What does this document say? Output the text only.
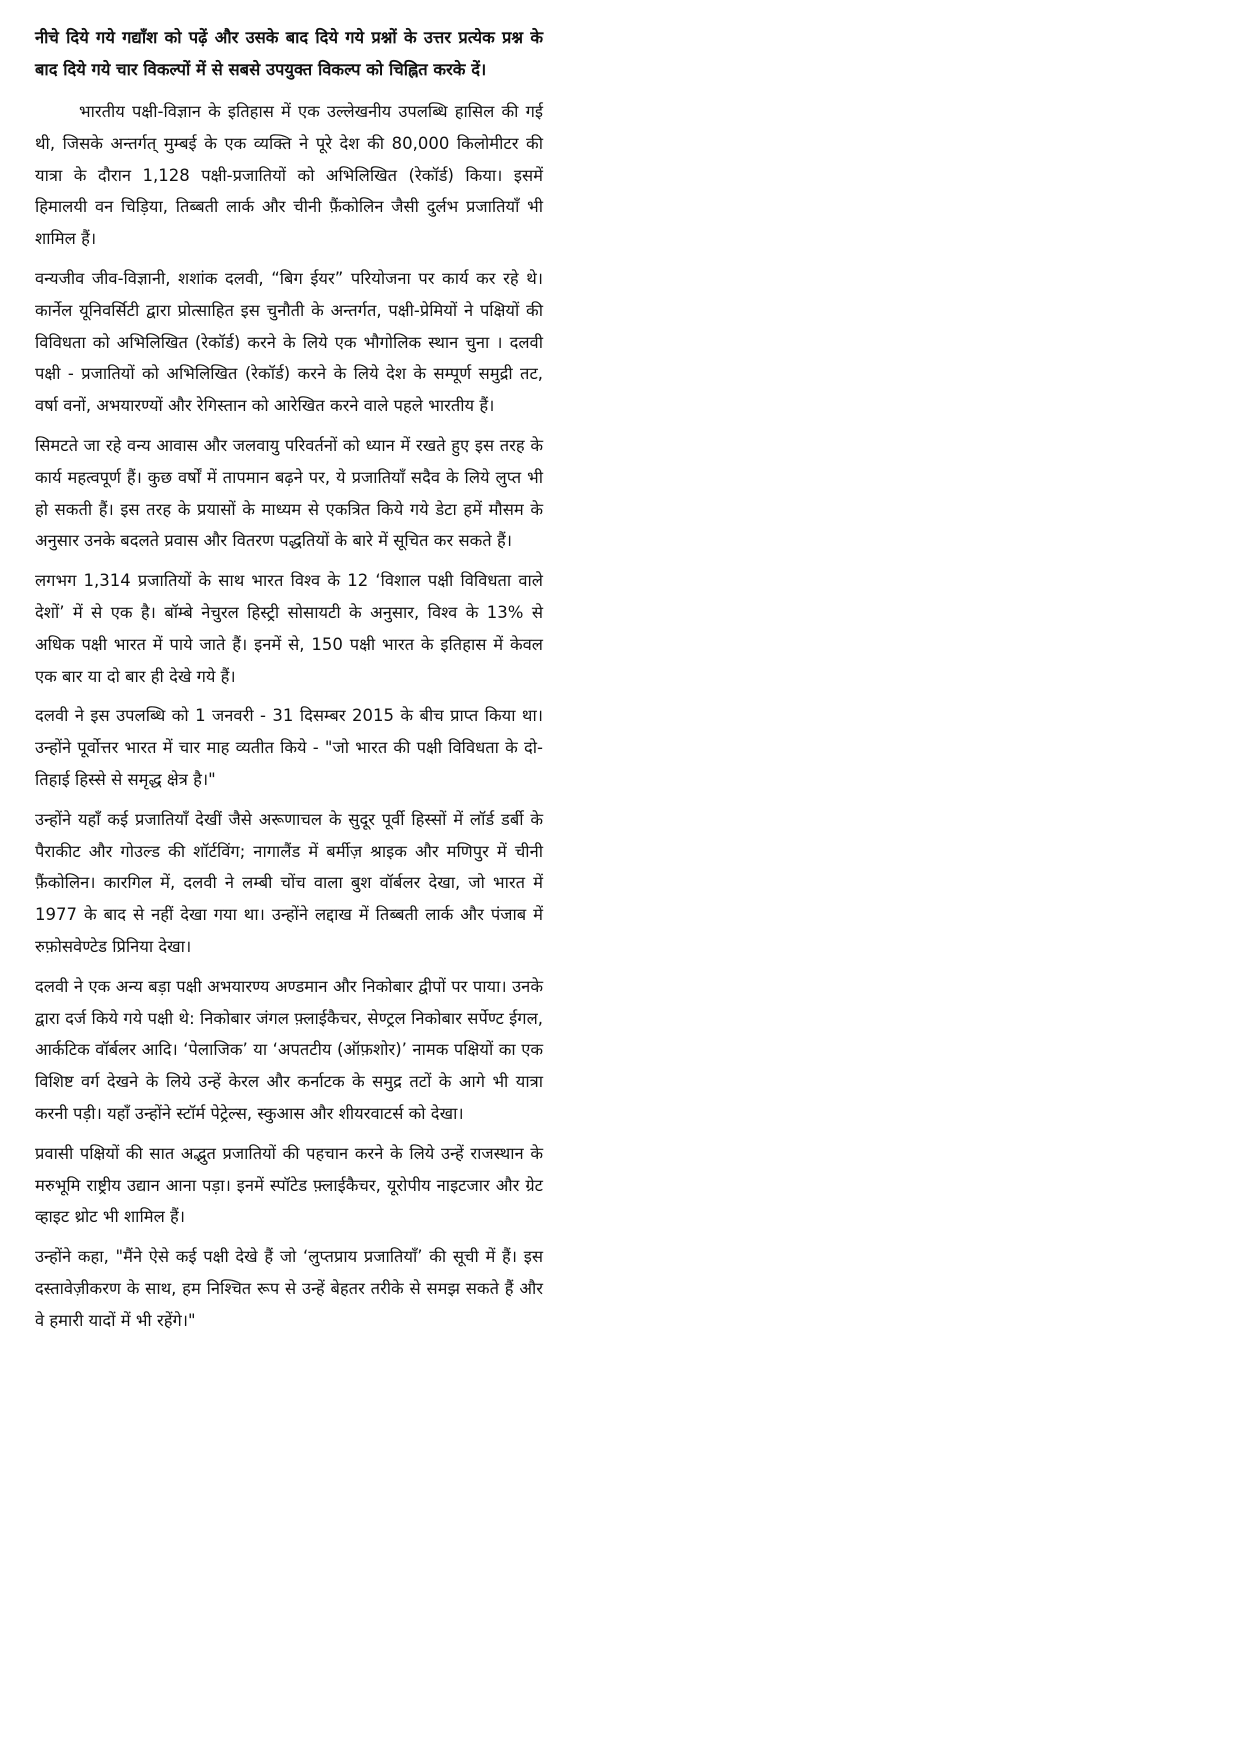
नीचे दिये गये गद्यॉंश को पढ़ें और उसके बाद दिये गये प्रश्नों के उत्तर प्रत्येक प्रश्न के बाद दिये गये चार विकल्पों में से सबसे उपयुक्त विकल्प को चिह्नित करके दें।

भारतीय पक्षी-विज्ञान के इतिहास में एक उल्लेखनीय उपलब्धि हासिल की गई थी, जिसके अन्तर्गत् मुम्बई के एक व्यक्ति ने पूरे देश की 80,000 किलोमीटर की यात्रा के दौरान 1,128 पक्षी-प्रजातियों को अभिलिखित (रेकॉर्ड) किया। इसमें हिमालयी वन चिड़िया, तिब्बती लार्क और चीनी फ़ैंकोलिन जैसी दुर्लभ प्रजातियाँ भी शामिल हैं।

वन्यजीव जीव-विज्ञानी, शशांक दलवी, “बिग ईयर” परियोजना पर कार्य कर रहे थे। कार्नेल यूनिवर्सिटी द्वारा प्रोत्साहित इस चुनौती के अन्तर्गत, पक्षी-प्रेमियों ने पक्षियों की विविधता को अभिलिखित (रेकॉर्ड) करने के लिये एक भौगोलिक स्थान चुना । दलवी पक्षी - प्रजातियों को अभिलिखित (रेकॉर्ड) करने के लिये देश के सम्पूर्ण समुद्री तट, वर्षा वनों, अभयारण्यों और रेगिस्तान को आरेखित करने वाले पहले भारतीय हैं।

सिमटते जा रहे वन्य आवास और जलवायु परिवर्तनों को ध्यान में रखते हुए इस तरह के कार्य महत्वपूर्ण हैं। कुछ वर्षों में तापमान बढ़ने पर, ये प्रजातियाँ सदैव के लिये लुप्त भी हो सकती हैं। इस तरह के प्रयासों के माध्यम से एकत्रित किये गये डेटा हमें मौसम के अनुसार उनके बदलते प्रवास और वितरण पद्धतियों के बारे में सूचित कर सकते हैं।

लगभग 1,314 प्रजातियों के साथ भारत विश्व के 12 ‘विशाल पक्षी विविधता वाले देशों’ में से एक है। बॉम्बे नेचुरल हिस्ट्री सोसायटी के अनुसार, विश्व के 13% से अधिक पक्षी भारत में पाये जाते हैं। इनमें से, 150 पक्षी भारत के इतिहास में केवल एक बार या दो बार ही देखे गये हैं।

दलवी ने इस उपलब्धि को 1 जनवरी - 31 दिसम्बर 2015 के बीच प्राप्त किया था। उन्होंने पूर्वोत्तर भारत में चार माह व्यतीत किये - "जो भारत की पक्षी विविधता के दो-तिहाई हिस्से से समृद्ध क्षेत्र है।"

उन्होंने यहाँ कई प्रजातियाँ देखीं जैसे अरूणाचल के सुदूर पूर्वी हिस्सों में लॉर्ड डर्बी के पैराकीट और गोउल्ड की शॉर्टविंग; नागालैंड में बर्मीज़ श्राइक और मणिपुर में चीनी फ़ैंकोलिन। कारगिल में, दलवी ने लम्बी चोंच वाला बुश वॉर्बलर देखा, जो भारत में 1977 के बाद से नहीं देखा गया था। उन्होंने लद्दाख में तिब्बती लार्क और पंजाब में रुफ़ोसवेण्टेड प्रिनिया देखा।

दलवी ने एक अन्य बड़ा पक्षी अभयारण्य अण्डमान और निकोबार द्वीपों पर पाया। उनके द्वारा दर्ज किये गये पक्षी थे: निकोबार जंगल फ़्लाईकैचर, सेण्ट्रल निकोबार सर्पेण्ट ईगल, आर्कटिक वॉर्बलर आदि। ‘पेलाजिक’ या ‘अपतटीय (ऑफ़शोर)’ नामक पक्षियों का एक विशिष्ट वर्ग देखने के लिये उन्हें केरल और कर्नाटक के समुद्र तटों के आगे भी यात्रा करनी पड़ी। यहाँ उन्होंने स्टॉर्म पेट्रेल्स, स्कुआस और शीयरवाटर्स को देखा।

प्रवासी पक्षियों की सात अद्भुत प्रजातियों की पहचान करने के लिये उन्हें राजस्थान के मरुभूमि राष्ट्रीय उद्यान आना पड़ा। इनमें स्पॉटेड फ़्लाईकैचर, यूरोपीय नाइटजार और ग्रेट व्हाइट थ्रोट भी शामिल हैं।

उन्होंने कहा, "मैंने ऐसे कई पक्षी देखे हैं जो ‘लुप्तप्राय प्रजातियाँ’ की सूची में हैं। इस दस्तावेज़ीकरण के साथ, हम निश्चित रूप से उन्हें बेहतर तरीके से समझ सकते हैं और वे हमारी यादों में भी रहेंगे।"
